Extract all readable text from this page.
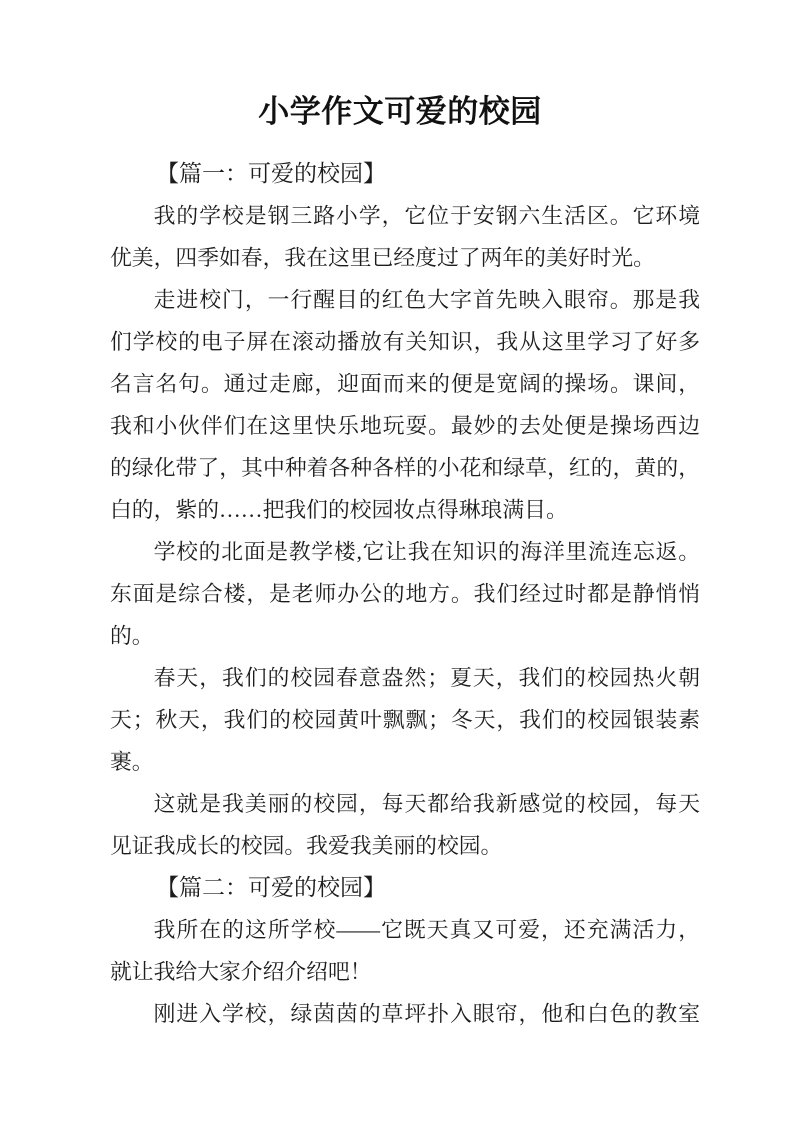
小学作文可爱的校园
【篇一：可爱的校园】
我的学校是钢三路小学，它位于安钢六生活区。它环境
优美，四季如春，我在这里已经度过了两年的美好时光。
走进校门，一行醒目的红色大字首先映入眼帘。那是我
们学校的电子屏在滚动播放有关知识，我从这里学习了好多
名言名句。通过走廊，迎面而来的便是宽阔的操场。课间，
我和小伙伴们在这里快乐地玩耍。最妙的去处便是操场西边
的绿化带了，其中种着各种各样的小花和绿草，红的，黄的，
白的，紫的……把我们的校园妆点得琳琅满目。
学校的北面是教学楼,它让我在知识的海洋里流连忘返。
东面是综合楼，是老师办公的地方。我们经过时都是静悄悄
的。
春天，我们的校园春意盎然；夏天，我们的校园热火朝
天；秋天，我们的校园黄叶飘飘；冬天，我们的校园银装素
裹。
这就是我美丽的校园，每天都给我新感觉的校园，每天
见证我成长的校园。我爱我美丽的校园。
【篇二：可爱的校园】
我所在的这所学校——它既天真又可爱，还充满活力，
就让我给大家介绍介绍吧！
刚进入学校，绿茵茵的草坪扑入眼帘，他和白色的教室
